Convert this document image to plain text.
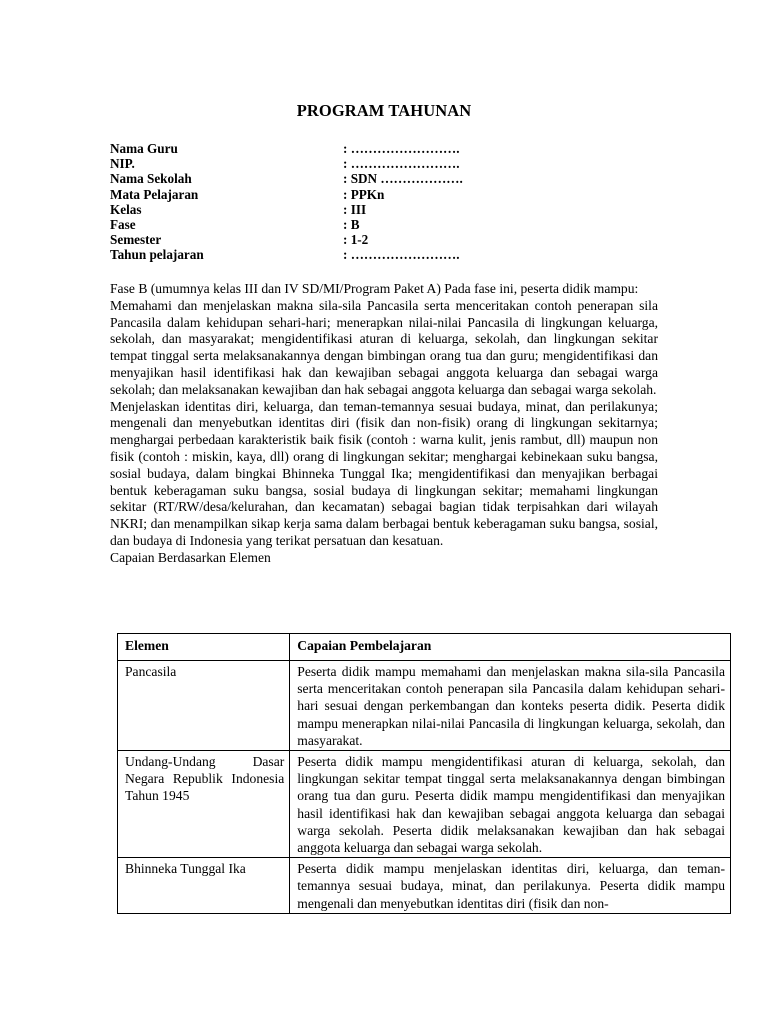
PROGRAM TAHUNAN
Nama Guru	: …………………….
NIP.	: …………………….
Nama Sekolah	: SDN ……………….
Mata Pelajaran	: PPKn
Kelas	: III
Fase	: B
Semester	: 1-2
Tahun pelajaran	: …………………….

Fase B (umumnya kelas III dan IV SD/MI/Program Paket A) Pada fase ini, peserta didik mampu:

Memahami dan menjelaskan makna sila-sila Pancasila serta menceritakan contoh penerapan sila Pancasila dalam kehidupan sehari-hari; menerapkan nilai-nilai Pancasila di lingkungan keluarga, sekolah, dan masyarakat; mengidentifikasi aturan di keluarga, sekolah, dan lingkungan sekitar tempat tinggal serta melaksanakannya dengan bimbingan orang tua dan guru; mengidentifikasi dan menyajikan hasil identifikasi hak dan kewajiban sebagai anggota keluarga dan sebagai warga sekolah; dan melaksanakan kewajiban dan hak sebagai anggota keluarga dan sebagai warga sekolah.

Menjelaskan identitas diri, keluarga, dan teman-temannya sesuai budaya, minat, dan perilakunya; mengenali dan menyebutkan identitas diri (fisik dan non-fisik) orang di lingkungan sekitarnya; menghargai perbedaan karakteristik baik fisik (contoh : warna kulit, jenis rambut, dll) maupun non fisik (contoh : miskin, kaya, dll) orang di lingkungan sekitar; menghargai kebinekaan suku bangsa, sosial budaya, dalam bingkai Bhinneka Tunggal Ika; mengidentifikasi dan menyajikan berbagai bentuk keberagaman suku bangsa, sosial budaya di lingkungan sekitar; memahami lingkungan sekitar (RT/RW/desa/kelurahan, dan kecamatan) sebagai bagian tidak terpisahkan dari wilayah NKRI; dan menampilkan sikap kerja sama dalam berbagai bentuk keberagaman suku bangsa, sosial, dan budaya di Indonesia yang terikat persatuan dan kesatuan.

Capaian Berdasarkan Elemen

Elemen	Capaian Pembelajaran
Pancasila	Peserta didik mampu memahami dan menjelaskan makna sila-sila Pancasila serta menceritakan contoh penerapan sila Pancasila dalam kehidupan sehari-hari sesuai dengan perkembangan dan konteks peserta didik. Peserta didik mampu menerapkan nilai-nilai Pancasila di lingkungan keluarga, sekolah, dan masyarakat.
Undang-Undang Dasar Negara Republik Indonesia Tahun 1945	Peserta didik mampu mengidentifikasi aturan di keluarga, sekolah, dan lingkungan sekitar tempat tinggal serta melaksanakannya dengan bimbingan orang tua dan guru. Peserta didik mampu mengidentifikasi dan menyajikan hasil identifikasi hak dan kewajiban sebagai anggota keluarga dan sebagai warga sekolah. Peserta didik melaksanakan kewajiban dan hak sebagai anggota keluarga dan sebagai warga sekolah.
Bhinneka Tunggal Ika	Peserta didik mampu menjelaskan identitas diri, keluarga, dan teman- temannya sesuai budaya, minat, dan perilakunya. Peserta didik mampu mengenali dan menyebutkan identitas diri (fisik dan non-
